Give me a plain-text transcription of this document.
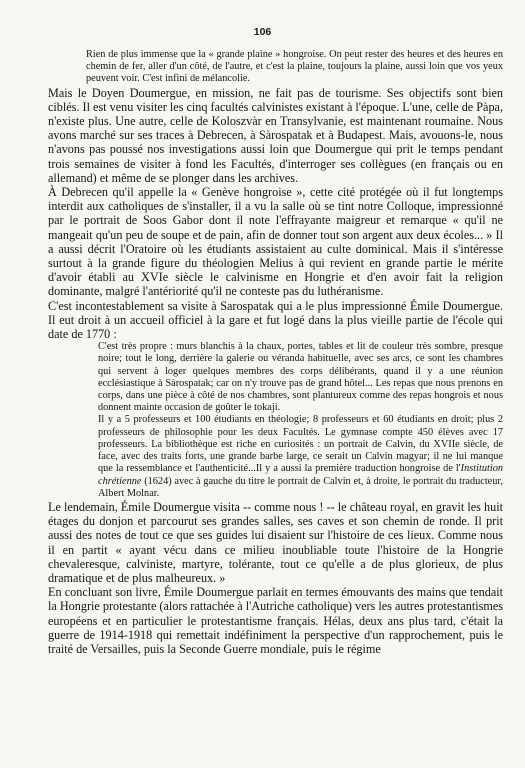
106

Rien de plus immense que la « grande plaine » hongroise. On peut rester des heures et des heures en chemin de fer, aller d'un côté, de l'autre, et c'est la plaine, toujours la plaine, aussi loin que vos yeux peuvent voir. C'est infini de mélancolie.

Mais le Doyen Doumergue, en mission, ne fait pas de tourisme. Ses objectifs sont bien ciblés. Il est venu visiter les cinq facultés calvinistes existant à l'époque. L'une, celle de Pàpa, n'existe plus. Une autre, celle de Koloszvàr en Transylvanie, est maintenant roumaine. Nous avons marché sur ses traces à Debrecen, à Sàrospatak et à Budapest. Mais, avouons-le, nous n'avons pas poussé nos investigations aussi loin que Doumergue qui prit le temps pendant trois semaines de visiter à fond les Facultés, d'interroger ses collègues (en français ou en allemand) et même de se plonger dans les archives.

À Debrecen qu'il appelle la « Genève hongroise », cette cité protégée où il fut longtemps interdit aux catholiques de s'installer, il a vu la salle où se tint notre Colloque, impressionné par le portrait de Soos Gabor dont il note l'effrayante maigreur et remarque « qu'il ne mangeait qu'un peu de soupe et de pain, afin de donner tout son argent aux deux écoles... » Il a aussi décrit l'Oratoire où les étudiants assistaient au culte dominical. Mais il s'intéresse surtout à la grande figure du théologien Melius à qui revient en grande partie le mérite d'avoir établi au XVIe siècle le calvinisme en Hongrie et d'en avoir fait la religion dominante, malgré l'antériorité qu'il ne conteste pas du luthéranisme.

C'est incontestablement sa visite à Sarospatak qui a le plus impressionné Émile Doumergue. Il eut droit à un accueil officiel à la gare et fut logé dans la plus vieille partie de l'école qui date de 1770 :

C'est très propre : murs blanchis à la chaux, portes, tables et lit de couleur très sombre, presque noire; tout le long, derrière la galerie ou véranda habituelle, avec ses arcs, ce sont les chambres qui servent à loger quelques membres des corps délibérants, quand il y a une réunion ecclésiastique à Sàrospatak; car on n'y trouve pas de grand hôtel... Les repas que nous prenons en corps, dans une pièce à côté de nos chambres, sont plantureux comme des repas hongrois et nous donnent mainte occasion de goûter le tokaji.

Il y a 5 professeurs et 100 étudiants en théologie; 8 professeurs et 60 étudiants en droit; plus 2 professeurs de philosophie pour les deux Facultés. Le gymnase compte 450 élèves avec 17 professeurs. La bibliothèque est riche en curiosités : un portrait de Calvin, du XVIIe siècle, de face, avec des traits forts, une grande barbe large, ce serait un Calvin magyar; il ne lui manque que la ressemblance et l'authenticité...Il y a aussi la première traduction hongroise de l'Institution chrétienne (1624) avec à gauche du titre le portrait de Calvin et, à droite, le portrait du traducteur, Albert Molnar.

Le lendemain, Émile Doumergue visita -- comme nous ! -- le château royal, en gravit les huit étages du donjon et parcourut ses grandes salles, ses caves et son chemin de ronde. Il prit aussi des notes de tout ce que ses guides lui disaient sur l'histoire de ces lieux. Comme nous il en partit « ayant vécu dans ce milieu inoubliable toute l'histoire de la Hongrie chevaleresque, calviniste, martyre, tolérante, tout ce qu'elle a de plus glorieux, de plus dramatique et de plus malheureux. »

En concluant son livre, Émile Doumergue parlait en termes émouvants des mains que tendait la Hongrie protestante (alors rattachée à l'Autriche catholique) vers les autres protestantismes européens et en particulier le protestantisme français. Hélas, deux ans plus tard, c'était la guerre de 1914-1918 qui remettait indéfiniment la perspective d'un rapprochement, puis le traité de Versailles, puis la Seconde Guerre mondiale, puis le régime
